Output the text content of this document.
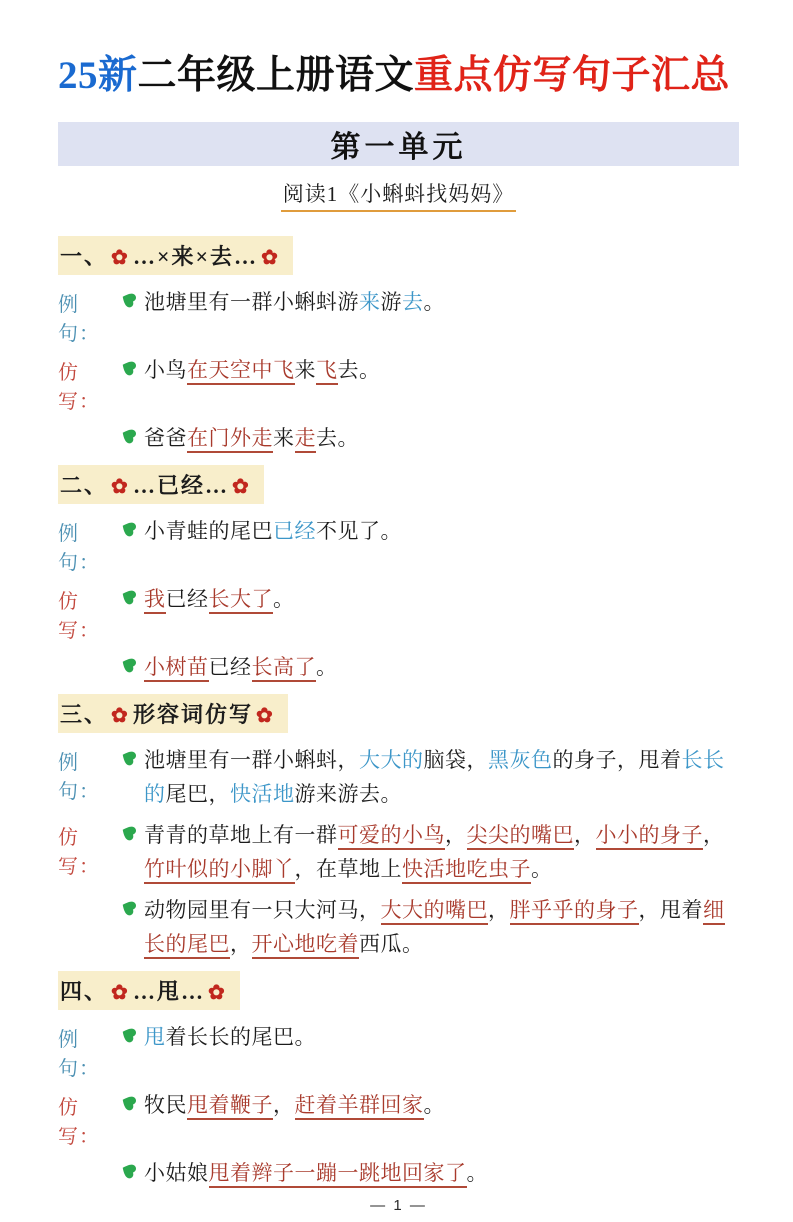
25新二年级上册语文重点仿写句子汇总
第一单元
阅读1《小蝌蚪找妈妈》
一、 ✿ …×来×去… ✿
例句：

池塘里有一群小蝌蚪游来游去。

仿写：

小鸟在天空中飞来飞去。

爸爸在门外走来走去。

二、 ✿ …已经… ✿
例句：

小青蛙的尾巴已经不见了。

仿写：

我已经长大了。

小树苗已经长高了。

三、 ✿ 形容词仿写 ✿
例句：

池塘里有一群小蝌蚪，大大的脑袋，黑灰色的身子，甩着长长的尾巴，快活地游来游去。

仿写：

青青的草地上有一群可爱的小鸟，尖尖的嘴巴，小小的身子，竹叶似的小脚丫，在草地上快活地吃虫子。

动物园里有一只大河马，大大的嘴巴，胖乎乎的身子，甩着细长的尾巴，开心地吃着西瓜。

四、 ✿ …甩… ✿
例句：

甩着长长的尾巴。

仿写：

牧民甩着鞭子，赶着羊群回家。

小姑娘甩着辫子一蹦一跳地回家了。

— 1 —
